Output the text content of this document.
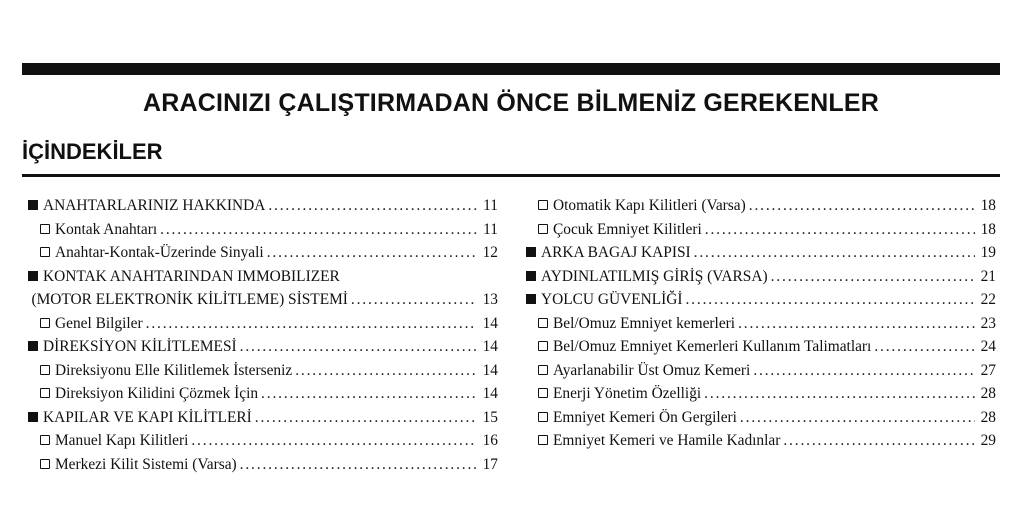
ARACINIZI ÇALIŞTIRMADAN ÖNCE BİLMENİZ GEREKENLER
İÇİNDEKİLER
ANAHTARLARINIZ HAKKINDA . . .	11
Kontak Anahtarı . . .	11
Anahtar-Kontak-Üzerinde Sinyali . . .	12
KONTAK ANAHTARINDAN IMMOBILIZER
(MOTOR ELEKTRONİK KİLİTLEME) SİSTEMİ . . .	13
Genel Bilgiler . . .	14
DİREKSİYON KİLİTLEMESİ . . .	14
Direksiyonu Elle Kilitlemek İsterseniz . . .	14
Direksiyon Kilidini Çözmek İçin . . .	14
KAPILAR VE KAPI KİLİTLERİ . . .	15
Manuel Kapı Kilitleri . . .	16
Merkezi Kilit Sistemi (Varsa) . . .	17
Otomatik Kapı Kilitleri (Varsa) . . .	18
Çocuk Emniyet Kilitleri . . .	18
ARKA BAGAJ KAPISI . . .	19
AYDINLATILMIŞ GİRİŞ (VARSA) . . .	21
YOLCU GÜVENLİĞİ . . .	22
Bel/Omuz Emniyet kemerleri . . .	23
Bel/Omuz Emniyet Kemerleri Kullanım Talimatları . . .	24
Ayarlanabilir Üst Omuz Kemeri . . .	27
Enerji Yönetim Özelliği . . .	28
Emniyet Kemeri Ön Gergileri . . .	28
Emniyet Kemeri ve Hamile Kadınlar . . .	29
